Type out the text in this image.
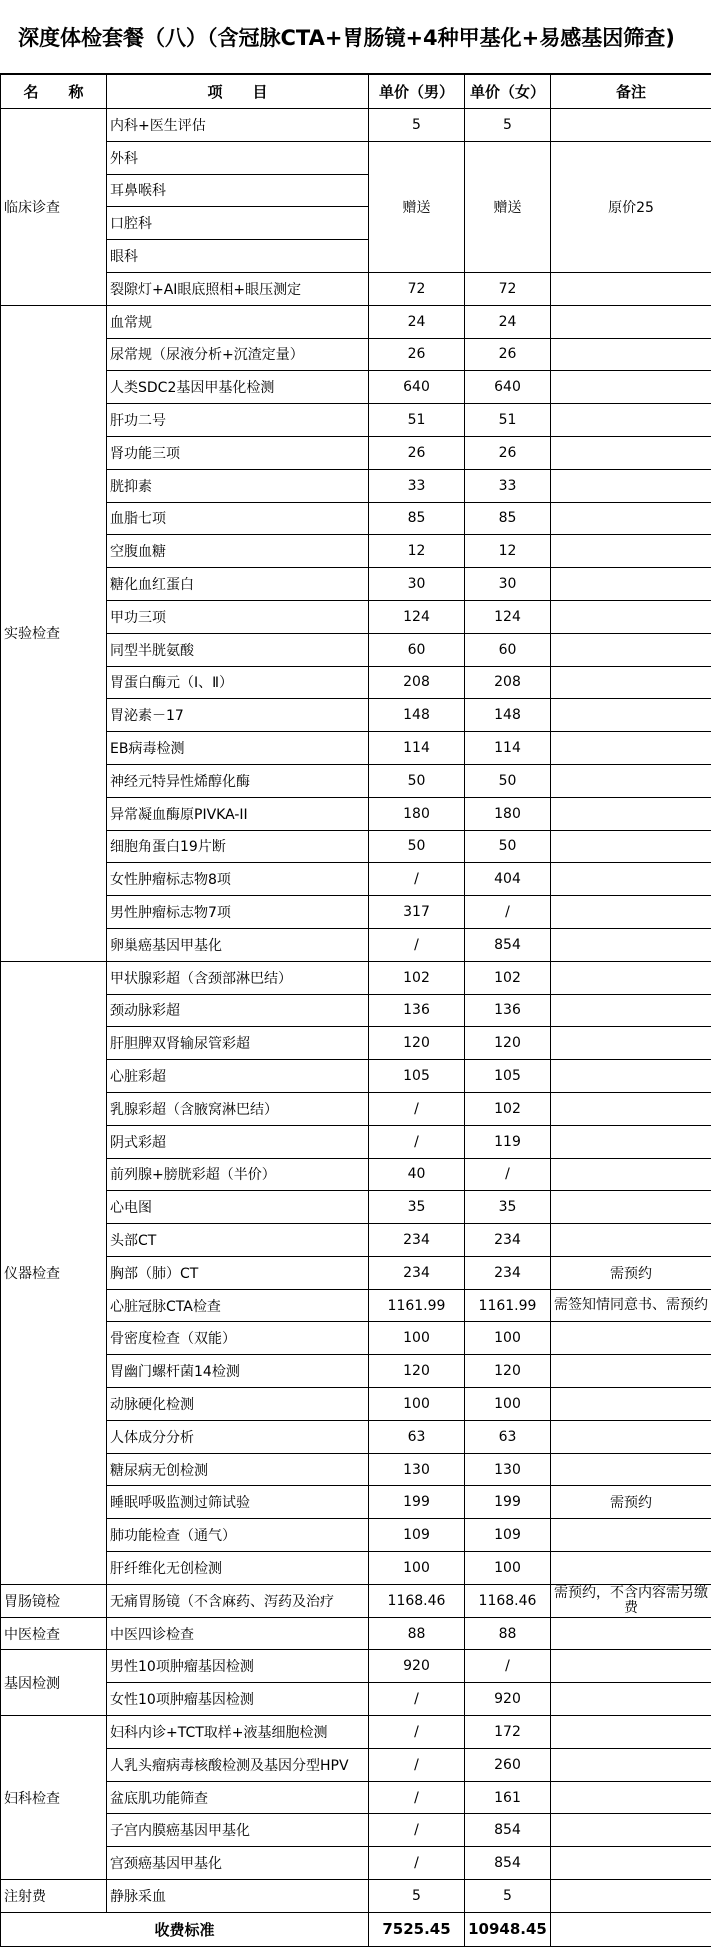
深度体检套餐（八）（含冠脉CTA+胃肠镜+4种甲基化+易感基因筛查)
名　　称	项　　目	单价（男）	单价（女）	备注
临床诊查	内科+医生评估	5	5	
	外科	赠送	赠送	原价25
	耳鼻喉科			
	口腔科			
	眼科			
	裂隙灯+AI眼底照相+眼压测定	72	72	
实验检查	血常规	24	24	
	尿常规（尿液分析+沉渣定量）	26	26	
	人类SDC2基因甲基化检测	640	640	
	肝功二号	51	51	
	肾功能三项	26	26	
	胱抑素	33	33	
	血脂七项	85	85	
	空腹血糖	12	12	
	糖化血红蛋白	30	30	
	甲功三项	124	124	
	同型半胱氨酸	60	60	
	胃蛋白酶元（Ⅰ、Ⅱ）	208	208	
	胃泌素－17	148	148	
	EB病毒检测	114	114	
	神经元特异性烯醇化酶	50	50	
	异常凝血酶原PIVKA-II	180	180	
	细胞角蛋白19片断	50	50	
	女性肿瘤标志物8项	/	404	
	男性肿瘤标志物7项	317	/	
	卵巢癌基因甲基化	/	854	
仪器检查	甲状腺彩超（含颈部淋巴结）	102	102	
	颈动脉彩超	136	136	
	肝胆脾双肾输尿管彩超	120	120	
	心脏彩超	105	105	
	乳腺彩超（含腋窝淋巴结）	/	102	
	阴式彩超	/	119	
	前列腺+膀胱彩超（半价）	40	/	
	心电图	35	35	
	头部CT	234	234	
	胸部（肺）CT	234	234	需预约
	心脏冠脉CTA检查	1161.99	1161.99	需签知情同意书、需预约
	骨密度检查（双能）	100	100	
	胃幽门螺杆菌14检测	120	120	
	动脉硬化检测	100	100	
	人体成分分析	63	63	
	糖尿病无创检测	130	130	
	睡眠呼吸监测过筛试验	199	199	需预约
	肺功能检查（通气）	109	109	
	肝纤维化无创检测	100	100	
胃肠镜检	无痛胃肠镜（不含麻药、泻药及治疗	1168.46	1168.46	需预约，不含内容需另缴费
中医检查	中医四诊检查	88	88	
基因检测	男性10项肿瘤基因检测	920	/	
	女性10项肿瘤基因检测	/	920	
妇科检查	妇科内诊+TCT取样+液基细胞检测	/	172	
	人乳头瘤病毒核酸检测及基因分型HPV	/	260	
	盆底肌功能筛查	/	161	
	子宫内膜癌基因甲基化	/	854	
	宫颈癌基因甲基化	/	854	
注射费	静脉采血	5	5	
收费标准		7525.45	10948.45	
